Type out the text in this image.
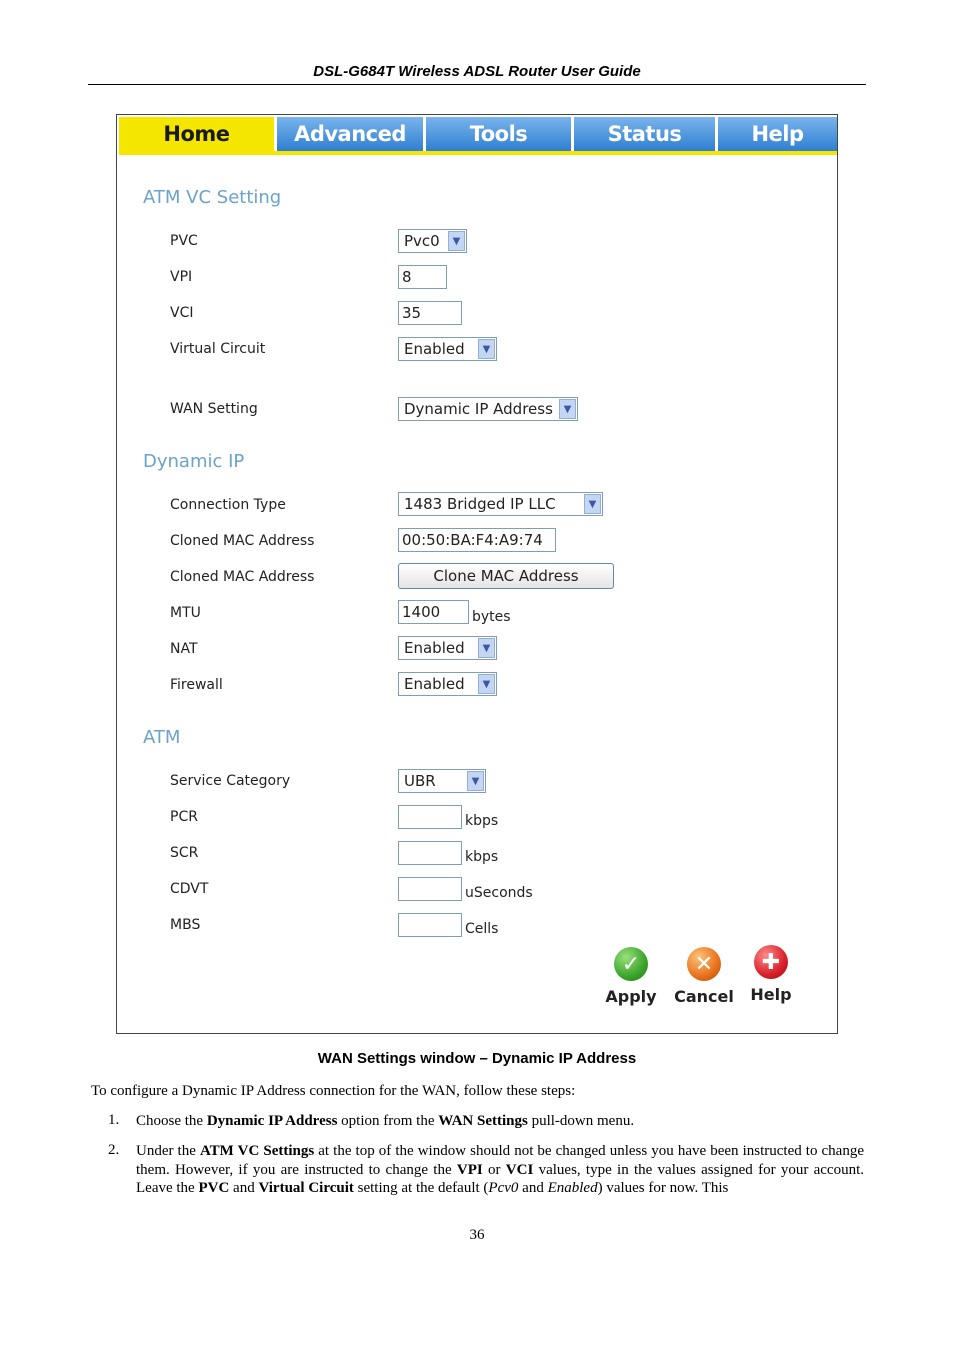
DSL-G684T Wireless ADSL Router User Guide
Home	Advanced	Tools	Status	Help
ATM VC Setting
PVC	Pvc0	▼
VPI	8
VCI	35
Virtual Circuit	Enabled	▼
WAN Setting	Dynamic IP Address	▼
Dynamic IP
Connection Type	1483 Bridged IP LLC	▼
Cloned MAC Address	00:50:BA:F4:A9:74
Cloned MAC Address	Clone MAC Address
MTU	1400	bytes
NAT	Enabled	▼
Firewall	Enabled	▼
ATM
Service Category	UBR	▼
PCR	kbps
SCR	kbps
CDVT	uSeconds
MBS	Cells
✓
Apply
✕
Cancel
✚
Help
WAN Settings window – Dynamic IP Address
To configure a Dynamic IP Address connection for the WAN, follow these steps:
1. Choose the Dynamic IP Address option from the WAN Settings pull-down menu.
2. Under the ATM VC Settings at the top of the window should not be changed unless you have been instructed to change them. However, if you are instructed to change the VPI or VCI values, type in the values assigned for your account. Leave the PVC and Virtual Circuit setting at the default (Pcv0 and Enabled) values for now. This
36
